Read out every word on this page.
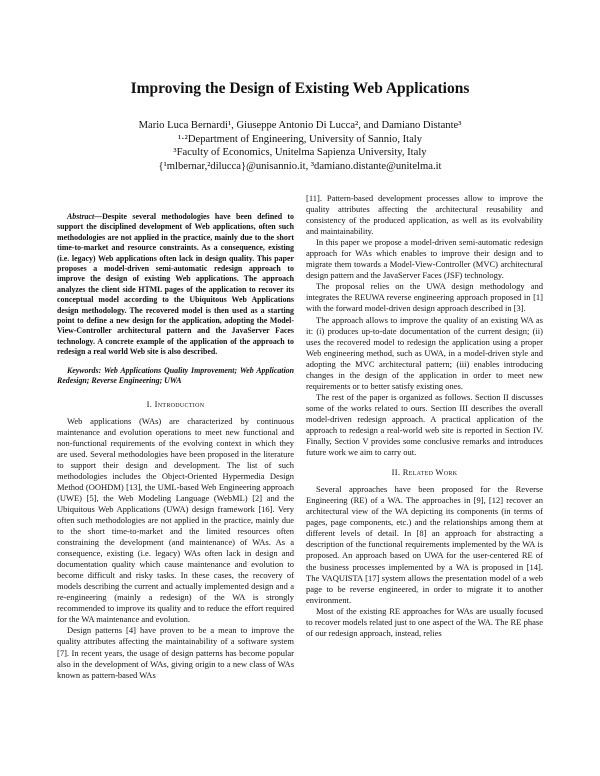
Improving the Design of Existing Web Applications
Mario Luca Bernardi¹, Giuseppe Antonio Di Lucca², and Damiano Distante³
¹·²Department of Engineering, University of Sannio, Italy
³Faculty of Economics, Unitelma Sapienza University, Italy
{¹mlbernar,²dilucca}@unisannio.it, ³damiano.distante@unitelma.it

Abstract—Despite several methodologies have been defined to support the disciplined development of Web applications, often such methodologies are not applied in the practice, mainly due to the short time-to-market and resource constraints. As a consequence, existing (i.e. legacy) Web applications often lack in design quality. This paper proposes a model-driven semi-automatic redesign approach to improve the design of existing Web applications. The approach analyzes the client side HTML pages of the application to recover its conceptual model according to the Ubiquitous Web Applications design methodology. The recovered model is then used as a starting point to define a new design for the application, adopting the Model-View-Controller architectural pattern and the JavaServer Faces technology. A concrete example of the application of the approach to redesign a real world Web site is also described.

Keywords: Web Applications Quality Improvement; Web Application Redesign; Reverse Engineering; UWA

I. Introduction

Web applications (WAs) are characterized by continuous maintenance and evolution operations to meet new functional and non-functional requirements of the evolving context in which they are used. Several methodologies have been proposed in the literature to support their design and development. The list of such methodologies includes the Object-Oriented Hypermedia Design Method (OOHDM) [13], the UML-based Web Engineering approach (UWE) [5], the Web Modeling Language (WebML) [2] and the Ubiquitous Web Applications (UWA) design framework [16]. Very often such methodologies are not applied in the practice, mainly due to the short time-to-market and the limited resources often constraining the development (and maintenance) of WAs. As a consequence, existing (i.e. legacy) WAs often lack in design and documentation quality which cause maintenance and evolution to become difficult and risky tasks. In these cases, the recovery of models describing the current and actually implemented design and a re-engineering (mainly a redesign) of the WA is strongly recommended to improve its quality and to reduce the effort required for the WA maintenance and evolution.

Design patterns [4] have proven to be a mean to improve the quality attributes affecting the maintainability of a software system [7]. In recent years, the usage of design patterns has become popular also in the development of WAs, giving origin to a new class of WAs known as pattern-based WAs

[11]. Pattern-based development processes allow to improve the quality attributes affecting the architectural reusability and consistency of the produced application, as well as its evolvability and maintainability.

In this paper we propose a model-driven semi-automatic redesign approach for WAs which enables to improve their design and to migrate them towards a Model-View-Controller (MVC) architectural design pattern and the JavaServer Faces (JSF) technology.

The proposal relies on the UWA design methodology and integrates the REUWA reverse engineering approach proposed in [1] with the forward model-driven design approach described in [3].

The approach allows to improve the quality of an existing WA as it: (i) produces up-to-date documentation of the current design; (ii) uses the recovered model to redesign the application using a proper Web engineering method, such as UWA, in a model-driven style and adopting the MVC architectural pattern; (iii) enables introducing changes in the design of the application in order to meet new requirements or to better satisfy existing ones.

The rest of the paper is organized as follows. Section II discusses some of the works related to ours. Section III describes the overall model-driven redesign approach. A practical application of the approach to redesign a real-world web site is reported in Section IV. Finally, Section V provides some conclusive remarks and introduces future work we aim to carry out.

II. Related Work

Several approaches have been proposed for the Reverse Engineering (RE) of a WA. The approaches in [9], [12] recover an architectural view of the WA depicting its components (in terms of pages, page components, etc.) and the relationships among them at different levels of detail. In [8] an approach for abstracting a description of the functional requirements implemented by the WA is proposed. An approach based on UWA for the user-centered RE of the business processes implemented by a WA is proposed in [14]. The VAQUISTA [17] system allows the presentation model of a web page to be reverse engineered, in order to migrate it to another environment.

Most of the existing RE approaches for WAs are usually focused to recover models related just to one aspect of the WA. The RE phase of our redesign approach, instead, relies
